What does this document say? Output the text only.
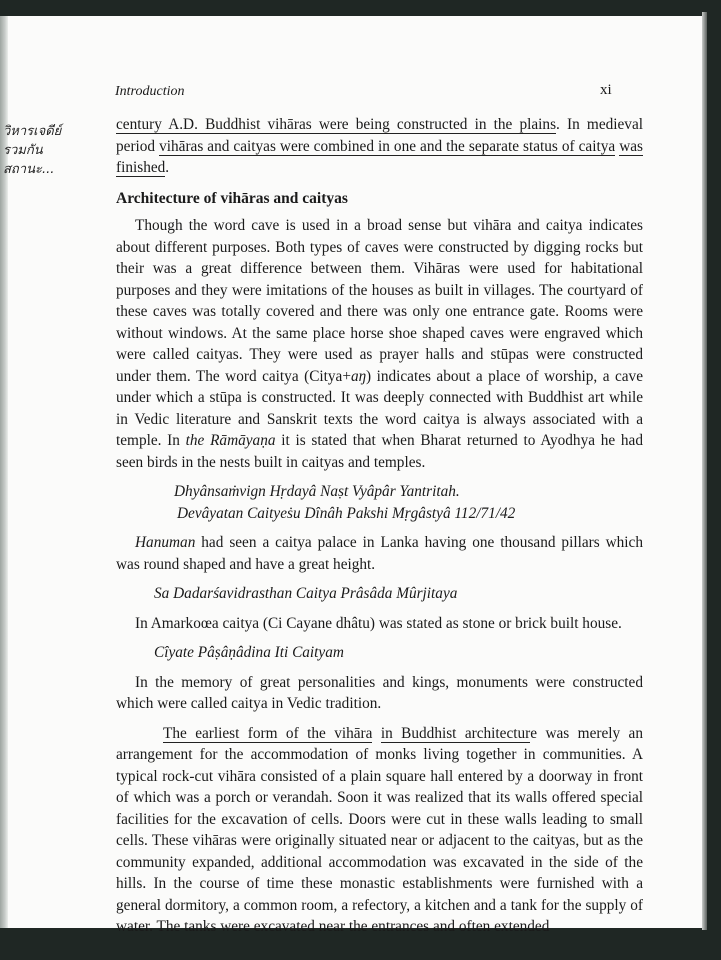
Introduction	xi
วิหารเจดีย์
รวมกัน
สถานะ...

century A.D. Buddhist vihāras were being constructed in the plains. In medieval period vihāras and caityas were combined in one and the separate status of caitya was finished.

Architecture of vihāras and caityas

Though the word cave is used in a broad sense but vihāra and caitya indicates about different purposes. Both types of caves were constructed by digging rocks but their was a great difference between them. Vihāras were used for habitational purposes and they were imitations of the houses as built in villages. The courtyard of these caves was totally covered and there was only one entrance gate. Rooms were without windows. At the same place horse shoe shaped caves were engraved which were called caityas. They were used as prayer halls and stūpas were constructed under them. The word caitya (Citya+aŋ) indicates about a place of worship, a cave under which a stūpa is constructed. It was deeply connected with Buddhist art while in Vedic literature and Sanskrit texts the word caitya is always associated with a temple. In the Rāmāyaṇa it is stated that when Bharat returned to Ayodhya he had seen birds in the nests built in caityas and temples.

Dhyânsaṁvign Hṛdayâ Naṣt Vyâpâr Yantritah.
Devâyatan Caityeṡu Dînâh Pakshi Mṛgâstyâ 112/71/42

Hanuman had seen a caitya palace in Lanka having one thousand pillars which was round shaped and have a great height.

Sa Dadarśavidrasthan Caitya Prâsâda Mûrjitaya

In Amarkoœa caitya (Ci Cayane dhâtu) was stated as stone or brick built house.

Cîyate Pâṣâṇâdina Iti Caityam

In the memory of great personalities and kings, monuments were constructed which were called caitya in Vedic tradition.

The earliest form of the vihāra in Buddhist architecture was merely an arrangement for the accommodation of monks living together in communities. A typical rock-cut vihāra consisted of a plain square hall entered by a doorway in front of which was a porch or verandah. Soon it was realized that its walls offered special facilities for the excavation of cells. Doors were cut in these walls leading to small cells. These vihāras were originally situated near or adjacent to the caityas, but as the community expanded, additional accommodation was excavated in the side of the hills. In the course of time these monastic establishments were furnished with a general dormitory, a common room, a refectory, a kitchen and a tank for the supply of water. The tanks were excavated near the entrances and often extended
